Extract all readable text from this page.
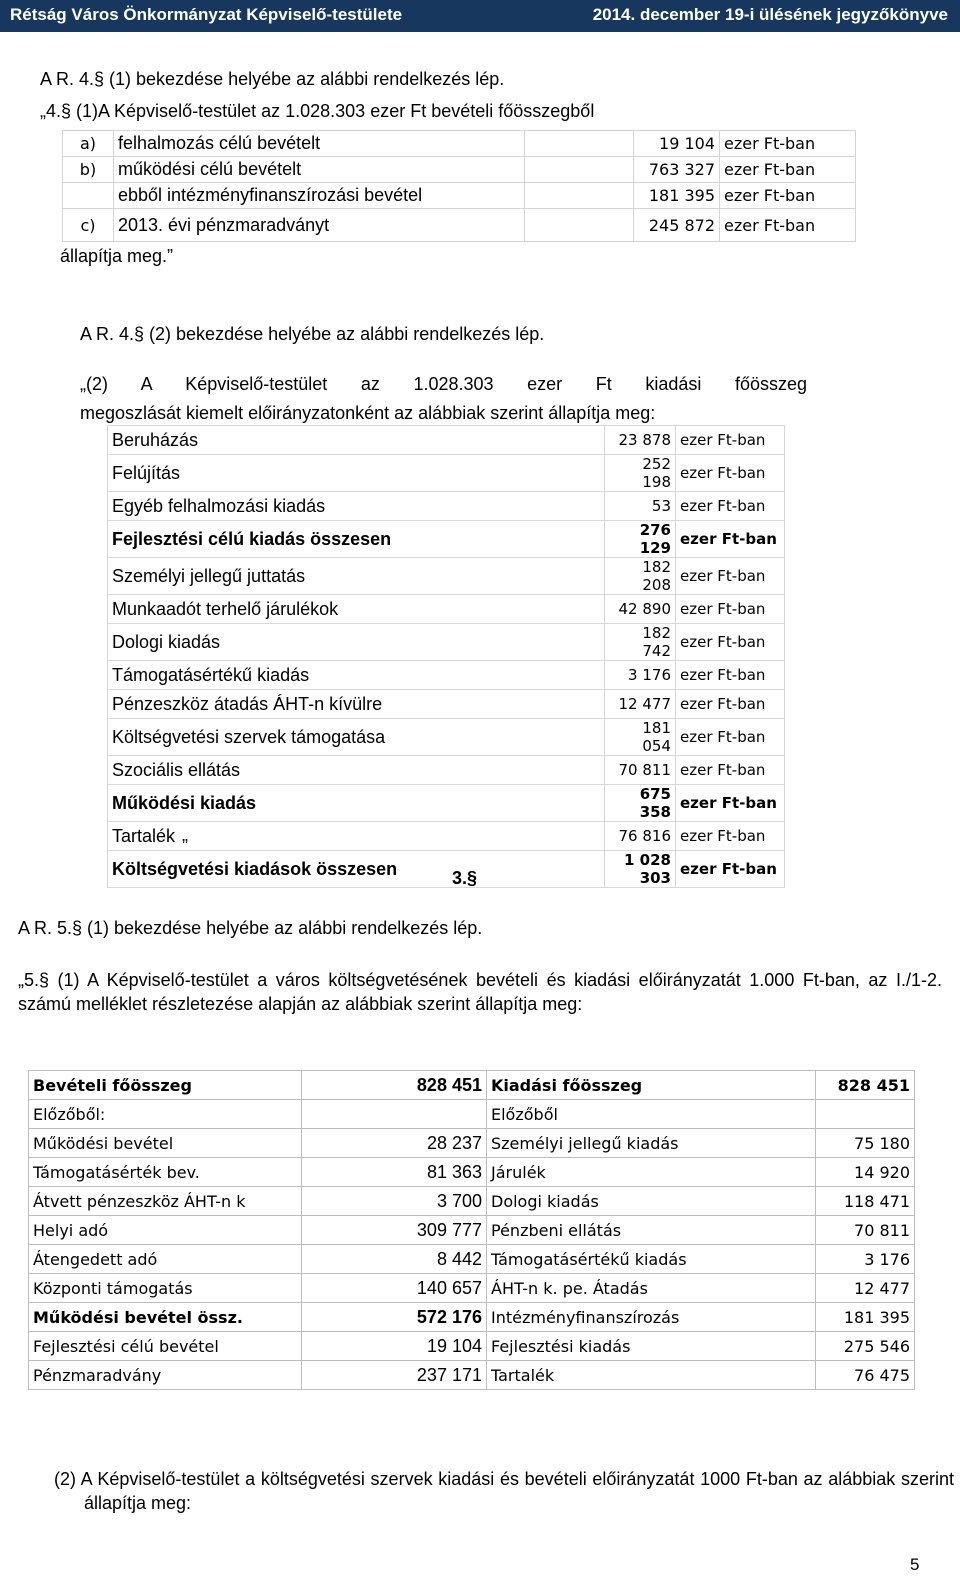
Rétság Város Önkormányzat Képviselő-testülete	2014. december 19-i ülésének jegyzőkönyve
A R. 4.§ (1) bekezdése helyébe az alábbi rendelkezés lép.
„4.§ (1)A Képviselő-testület az 1.028.303 ezer Ft bevételi főösszegből
a)	felhalmozás célú bevételt		19 104	ezer Ft-ban
b)	működési célú bevételt		763 327	ezer Ft-ban
	ebből intézményfinanszírozási bevétel		181 395	ezer Ft-ban
c)	2013. évi pénzmaradványt		245 872	ezer Ft-ban
állapítja meg.”
A R. 4.§ (2) bekezdése helyébe az alábbi rendelkezés lép.
„(2) A Képviselő-testület az 1.028.303 ezer Ft kiadási főösszeg
megoszlását kiemelt előirányzatonként az alábbiak szerint állapítja meg:
Beruházás	23 878	ezer Ft-ban
Felújítás	252 198	ezer Ft-ban
Egyéb felhalmozási kiadás	53	ezer Ft-ban
Fejlesztési célú kiadás összesen	276 129	ezer Ft-ban
Személyi jellegű juttatás	182 208	ezer Ft-ban
Munkaadót terhelő járulékok	42 890	ezer Ft-ban
Dologi kiadás	182 742	ezer Ft-ban
Támogatásértékű kiadás	3 176	ezer Ft-ban
Pénzeszköz átadás ÁHT-n kívülre	12 477	ezer Ft-ban
Költségvetési szervek támogatása	181 054	ezer Ft-ban
Szociális ellátás	70 811	ezer Ft-ban
Működési kiadás	675 358	ezer Ft-ban
Tartalék	76 816	ezer Ft-ban
Költségvetési kiadások összesen	1 028 303	ezer Ft-ban
”
3.§
A R. 5.§ (1) bekezdése helyébe az alábbi rendelkezés lép.
„5.§ (1) A Képviselő-testület a város költségvetésének bevételi és kiadási előirányzatát 1.000 Ft-ban, az I./1-2. számú melléklet részletezése alapján az alábbiak szerint állapítja meg:
Bevételi főösszeg	828 451	Kiadási főösszeg	828 451
Előzőből:		Előzőből	
Működési bevétel	28 237	Személyi jellegű kiadás	75 180
Támogatásérték bev.	81 363	Járulék	14 920
Átvett pénzeszköz ÁHT-n k	3 700	Dologi kiadás	118 471
Helyi adó	309 777	Pénzbeni ellátás	70 811
Átengedett adó	8 442	Támogatásértékű kiadás	3 176
Központi támogatás	140 657	ÁHT-n k. pe. Átadás	12 477
Működési bevétel össz.	572 176	Intézményfinanszírozás	181 395
Fejlesztési célú bevétel	19 104	Fejlesztési kiadás	275 546
Pénzmaradvány	237 171	Tartalék	76 475
(2) A Képviselő-testület a költségvetési szervek kiadási és bevételi előirányzatát 1000 Ft-ban az alábbiak szerint állapítja meg:
5
